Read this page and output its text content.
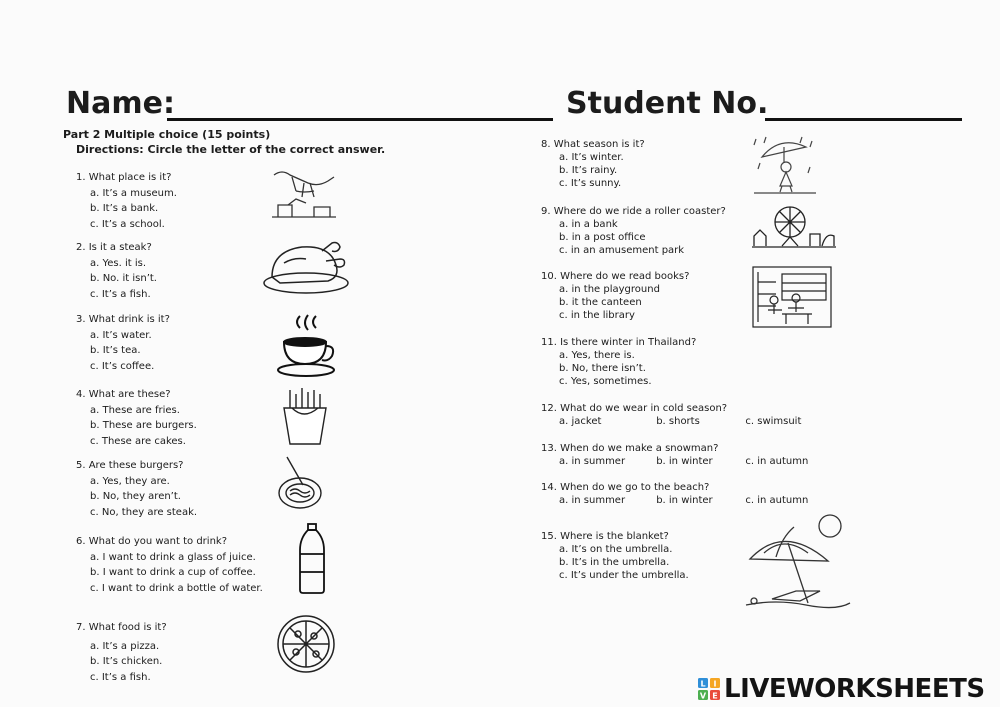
Name:	Student No.
Part 2 Multiple choice (15 points)
Directions: Circle the letter of the correct answer.
1. What place is it?
a. It’s a museum.
b. It’s a bank.
c. It’s a school.
2. Is it a steak?
a. Yes. it is.
b. No. it isn’t.
c. It’s a fish.
3. What drink is it?
a. It’s water.
b. It’s tea.
c. It’s coffee.
4. What are these?
a. These are fries.
b. These are burgers.
c. These are cakes.
5. Are these burgers?
a. Yes, they are.
b. No, they aren’t.
c. No, they are steak.
6. What do you want to drink?
a. I want to drink a glass of juice.
b. I want to drink a cup of coffee.
c. I want to drink a bottle of water.
7. What food is it?
a. It’s a pizza.
b. It’s chicken.
c. It’s a fish.
8. What season is it?
a. It’s winter.
b. It’s rainy.
c. It’s sunny.
9. Where do we ride a roller coaster?
a. in a bank
b. in a post office
c. in an amusement park
10. Where do we read books?
a. in the playground
b. it the canteen
c. in the library
11. Is there winter in Thailand?
a. Yes, there is.
b. No, there isn’t.
c. Yes, sometimes.
12. What do we wear in cold season?
a. jacket	b. shorts	c. swimsuit
13. When do we make a snowman?
a. in summer	b. in winter	c. in autumn
14. When do we go to the beach?
a. in summer	b. in winter	c. in autumn
15. Where is the blanket?
a. It’s on the umbrella.
b. It’s in the umbrella.
c. It’s under the umbrella.
L I
V E LIVEWORKSHEETS
